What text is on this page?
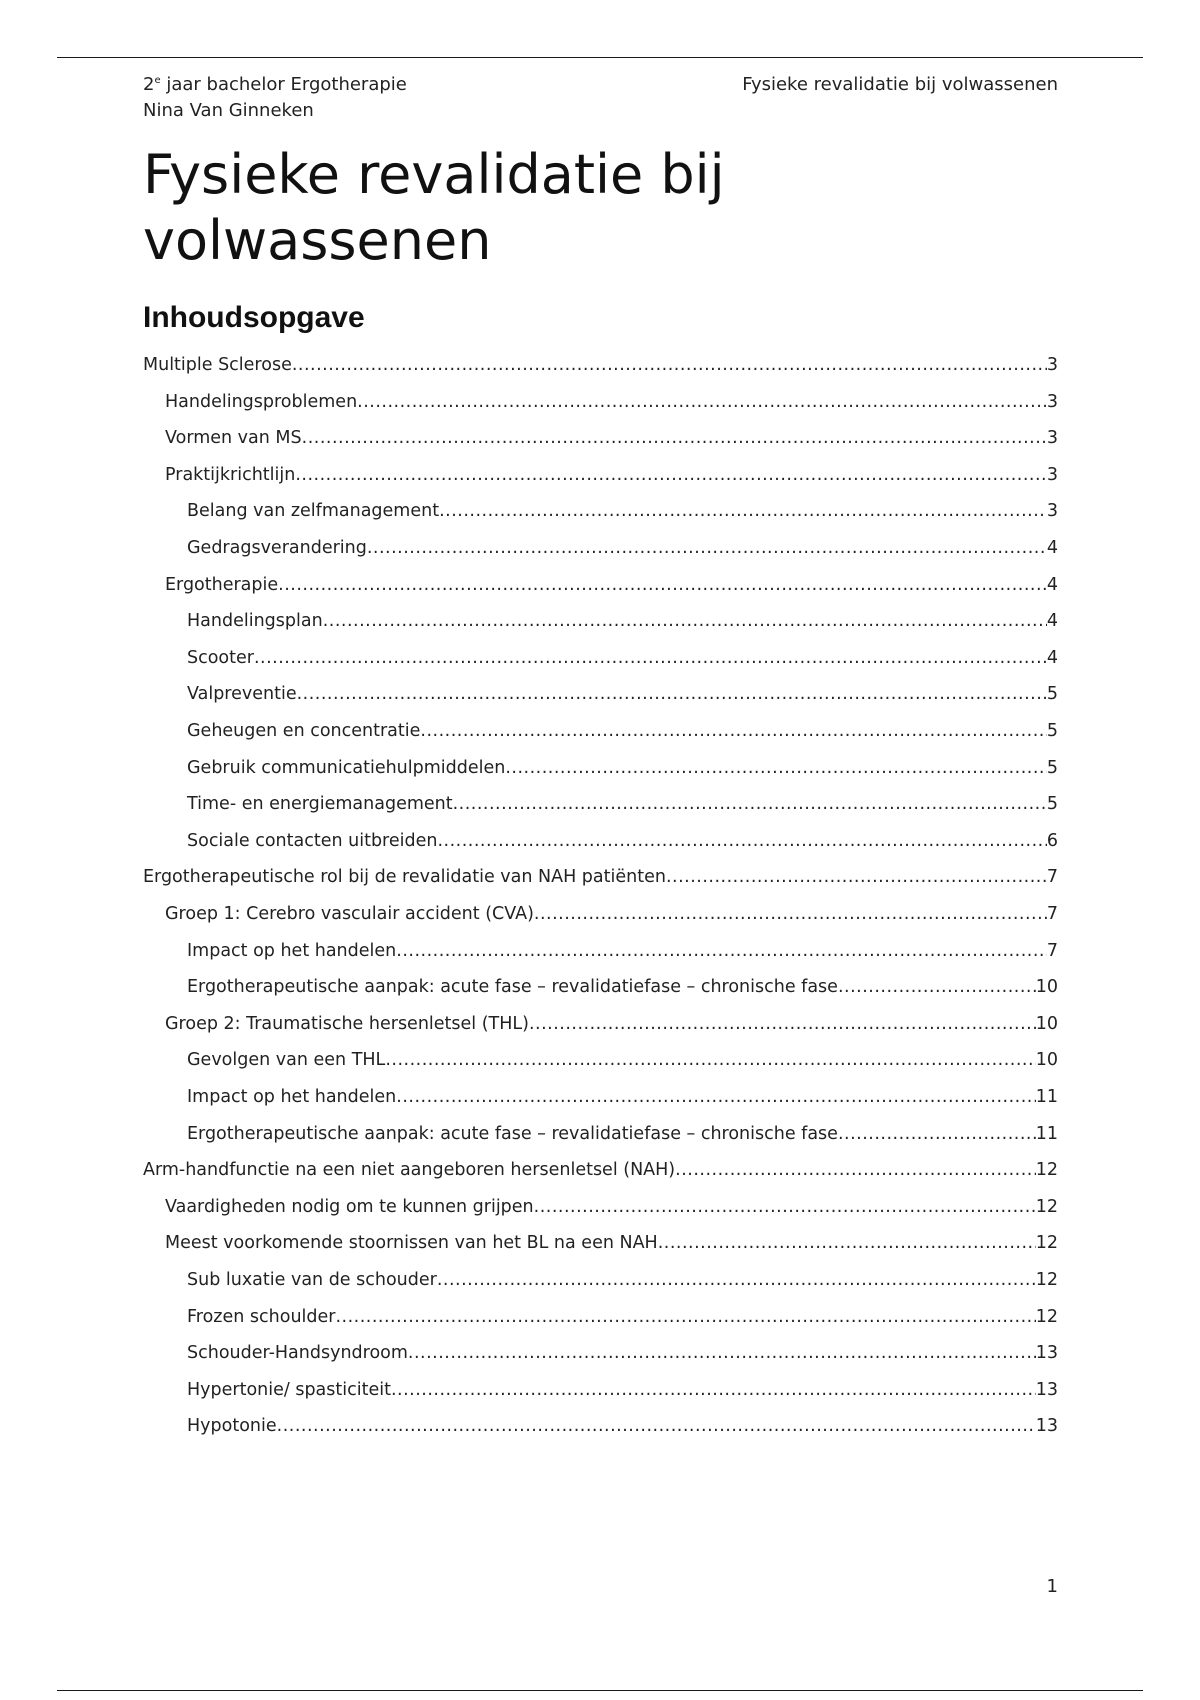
2e jaar bachelor Ergotherapie
Nina Van Ginneken
Fysieke revalidatie bij volwassenen
Fysieke revalidatie bij volwassenen
Inhoudsopgave
Multiple Sclerose .....	3
Handelingsproblemen .....	3
Vormen van MS .....	3
Praktijkrichtlijn .....	3
Belang van zelfmanagement .....	3
Gedragsverandering .....	4
Ergotherapie .....	4
Handelingsplan .....	4
Scooter .....	4
Valpreventie .....	5
Geheugen en concentratie .....	5
Gebruik communicatiehulpmiddelen .....	5
Time- en energiemanagement .....	5
Sociale contacten uitbreiden .....	6
Ergotherapeutische rol bij de revalidatie van NAH patiënten .....	7
Groep 1: Cerebro vasculair accident (CVA) .....	7
Impact op het handelen .....	7
Ergotherapeutische aanpak: acute fase – revalidatiefase – chronische fase .....	10
Groep 2: Traumatische hersenletsel (THL) .....	10
Gevolgen van een THL .....	10
Impact op het handelen .....	11
Ergotherapeutische aanpak: acute fase – revalidatiefase – chronische fase .....	11
Arm-handfunctie na een niet aangeboren hersenletsel (NAH) .....	12
Vaardigheden nodig om te kunnen grijpen .....	12
Meest voorkomende stoornissen van het BL na een NAH .....	12
Sub luxatie van de schouder .....	12
Frozen schoulder .....	12
Schouder-Handsyndroom .....	13
Hypertonie/ spasticiteit .....	13
Hypotonie .....	13
1
